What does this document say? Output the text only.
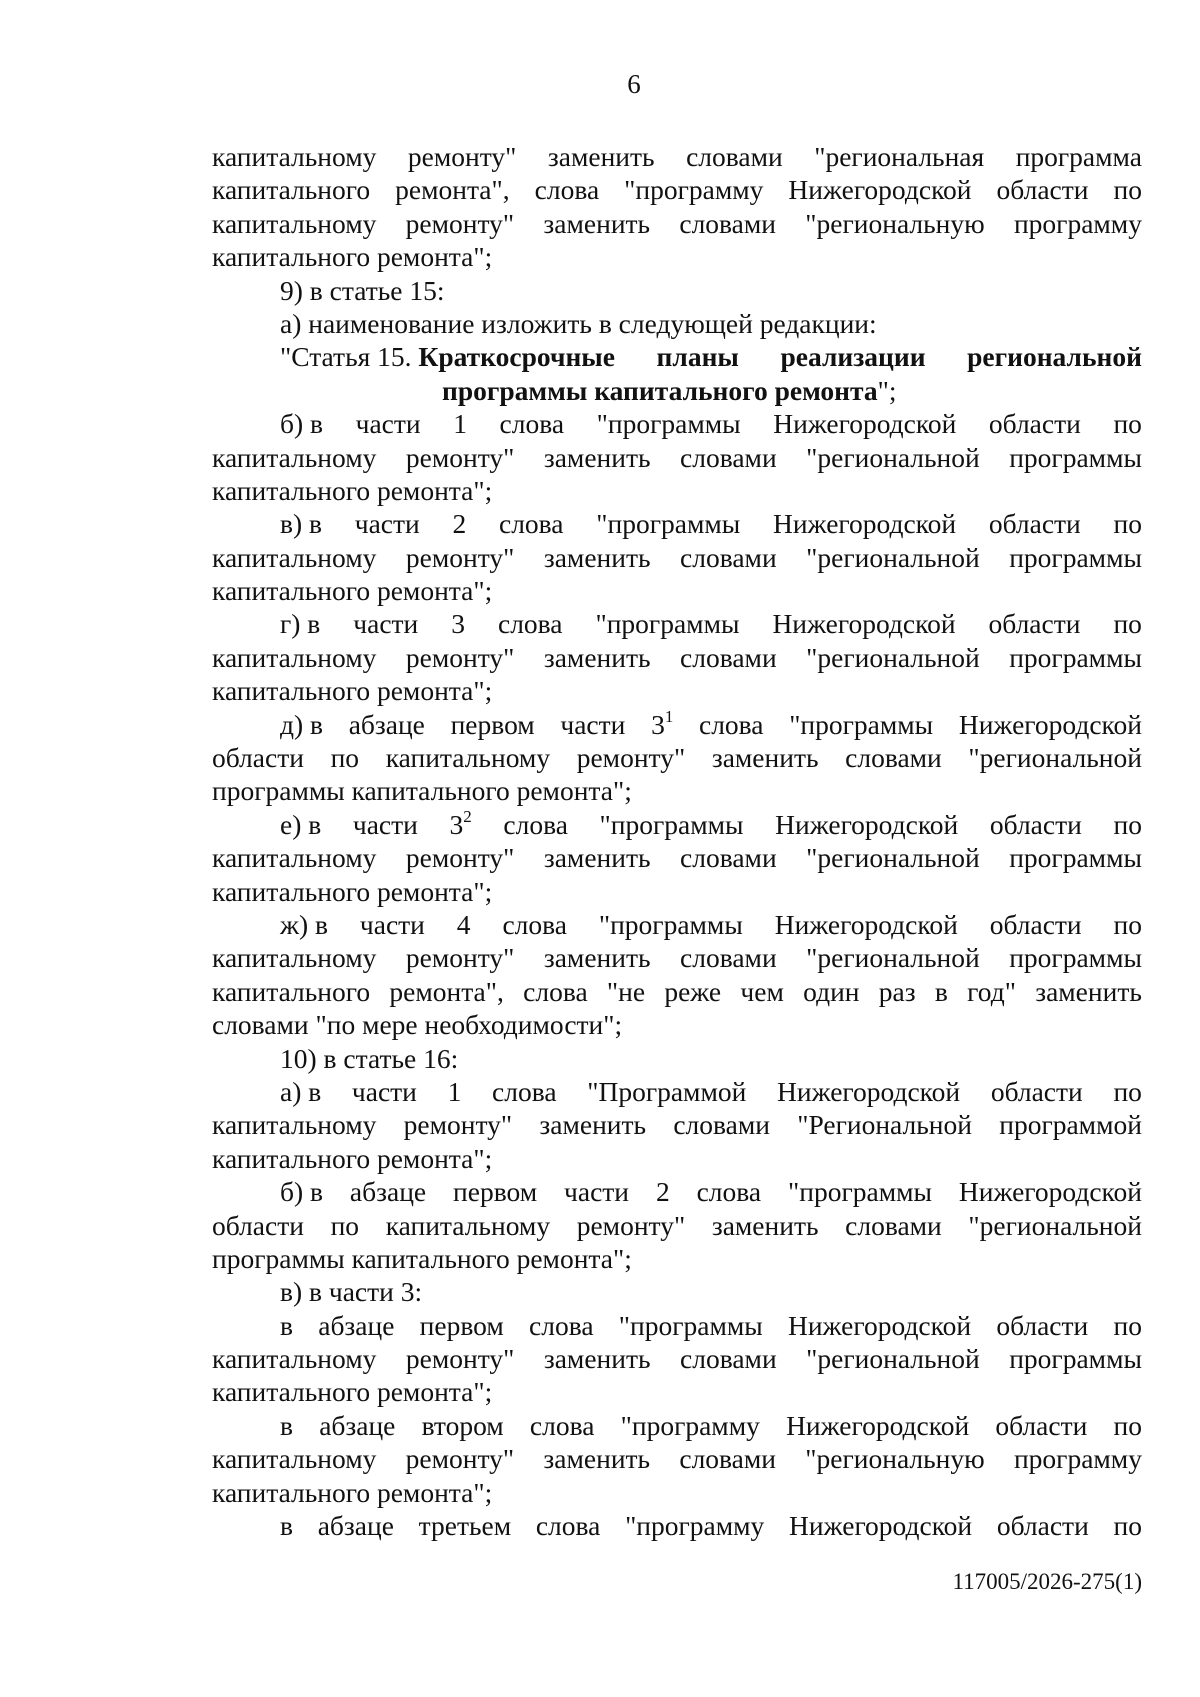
6
капитальному ремонту" заменить словами "региональная программа
капитального ремонта", слова "программу Нижегородской области по
капитальному ремонту" заменить словами "региональную программу
капитального ремонта";
9) в статье 15:
а) наименование изложить в следующей редакции:
"Статья 15.
Краткосрочные планы реализации региональной
программы капитального ремонта";
б) в части 1 слова "программы Нижегородской области по
капитальному ремонту" заменить словами "региональной программы
капитального ремонта";
в) в части 2 слова "программы Нижегородской области по
капитальному ремонту" заменить словами "региональной программы
капитального ремонта";
г) в части 3 слова "программы Нижегородской области по
капитальному ремонту" заменить словами "региональной программы
капитального ремонта";
д) в абзаце первом части $3^1$ слова "программы Нижегородской
области по капитальному ремонту" заменить словами "региональной
программы капитального ремонта";
е) в части $3^2$ слова "программы Нижегородской области по
капитальному ремонту" заменить словами "региональной программы
капитального ремонта";
ж) в части 4 слова "программы Нижегородской области по
капитальному ремонту" заменить словами "региональной программы
капитального ремонта", слова "не реже чем один раз в год" заменить
словами "по мере необходимости";
10) в статье 16:
а) в части 1 слова "Программой Нижегородской области по
капитальному ремонту" заменить словами "Региональной программой
капитального ремонта";
б) в абзаце первом части 2 слова "программы Нижегородской
области по капитальному ремонту" заменить словами "региональной
программы капитального ремонта";
в) в части 3:
в абзаце первом слова "программы Нижегородской области по
капитальному ремонту" заменить словами "региональной программы
капитального ремонта";
в абзаце втором слова "программу Нижегородской области по
капитальному ремонту" заменить словами "региональную программу
капитального ремонта";
в абзаце третьем слова "программу Нижегородской области по
117005/2026-275(1)
